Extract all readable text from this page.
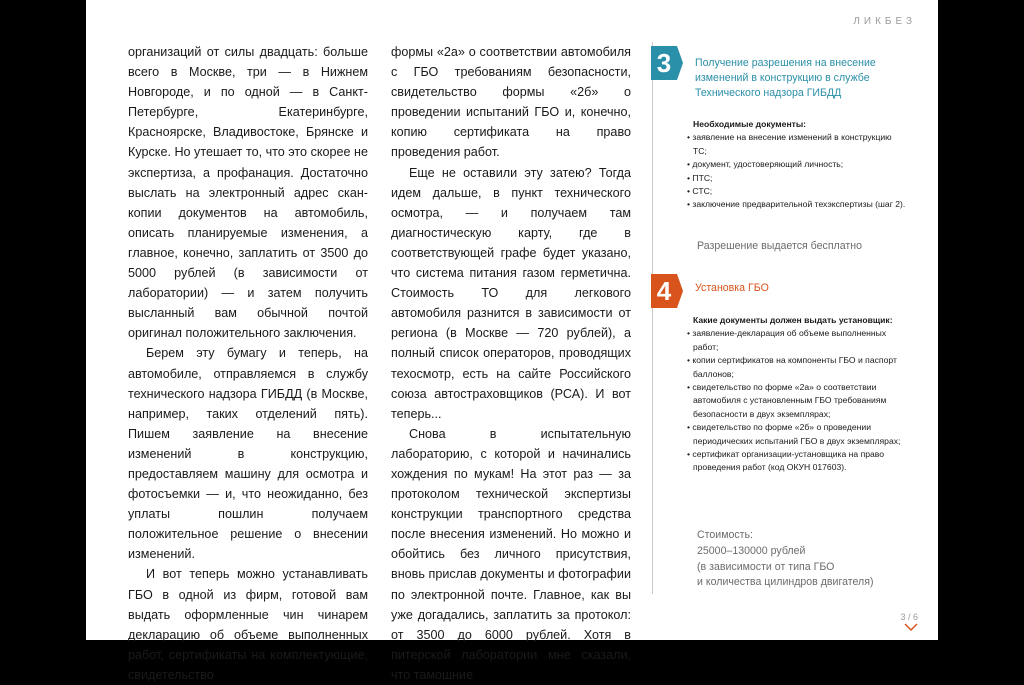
ЛИКБЕЗ

организаций от силы двадцать: больше всего в Москве, три — в Нижнем Новгороде, и по одной — в Санкт-Петербурге, Екатеринбурге, Красноярске, Владивостоке, Брянске и Курске. Но утешает то, что это скорее не экспертиза, а профанация. Достаточно выслать на электронный адрес скан-копии документов на автомобиль, описать планируемые изменения, а главное, конечно, заплатить от 3500 до 5000 рублей (в зависимости от лаборатории) — и затем получить высланный вам обычной почтой оригинал положительного заключения.

Берем эту бумагу и теперь, на автомобиле, отправляемся в службу технического надзора ГИБДД (в Москве, например, таких отделений пять). Пишем заявление на внесение изменений в конструкцию, предоставляем машину для осмотра и фотосъемки — и, что неожиданно, без уплаты пошлин получаем положительное решение о внесении изменений.

И вот теперь можно устанавливать ГБО в одной из фирм, готовой вам выдать оформленные чин чинарем декларацию об объеме выполненных работ, сертификаты на комплектующие, свидетельство

формы «2а» о соответствии автомобиля с ГБО требованиям безопасности, свидетельство формы «2б» о проведении испытаний ГБО и, конечно, копию сертификата на право проведения работ.

Еще не оставили эту затею? Тогда идем дальше, в пункт технического осмотра, — и получаем там диагностическую карту, где в соответствующей графе будет указано, что система питания газом герметична. Стоимость ТО для легкового автомобиля разнится в зависимости от региона (в Москве — 720 рублей), а полный список операторов, проводящих техосмотр, есть на сайте Российского союза автостраховщиков (РСА). И вот теперь...

Снова в испытательную лабораторию, с которой и начинались хождения по мукам! На этот раз — за протоколом технической экспертизы конструкции транспортного средства после внесения изменений. Но можно и обойтись без личного присутствия, вновь прислав документы и фотографии по электронной почте. Главное, как вы уже догадались, заплатить за протокол: от 3500 до 6000 рублей. Хотя в питерской лаборатории мне сказали, что тамошние

3	Получение разрешения на внесение изменений в конструкцию в службе Технического надзора ГИБДД
Необходимые документы:
• заявление на внесение изменений в конструкцию ТС;
• документ, удостоверяющий личность;
• ПТС;
• СТС;
• заключение предварительной техэкспертизы (шаг 2).
Разрешение выдается бесплатно
4	Установка ГБО
Какие документы должен выдать установщик:
• заявление-декларация об объеме выполненных работ;
• копии сертификатов на компоненты ГБО и паспорт баллонов;
• свидетельство по форме «2а» о соответствии автомобиля с установленным ГБО требованиям безопасности в двух экземплярах;
• свидетельство по форме «2б» о проведении периодических испытаний ГБО в двух экземплярах;
• сертификат организации-установщика на право проведения работ (код ОКУН 017603).
Стоимость:
25000–130000 рублей
(в зависимости от типа ГБО
и количества цилиндров двигателя)
3 / 6
